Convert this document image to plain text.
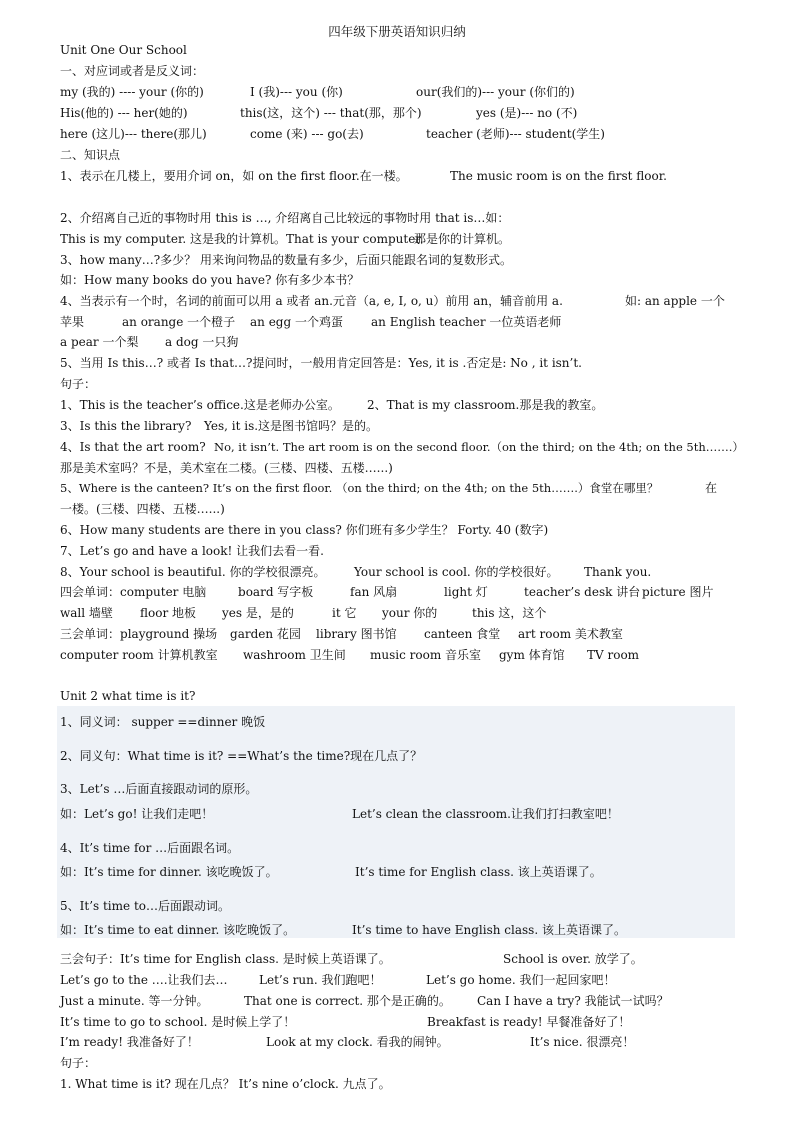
四年级下册英语知识归纳
Unit One Our School
一、对应词或者是反义词：
my (我的) ---- your (你的)	I (我)--- you (你)	our(我们的)--- your (你们的)
His(他的) --- her(她的)	this(这，这个) --- that(那，那个)	yes (是)--- no (不)
here (这儿)--- there(那儿)	come (来) --- go(去)	teacher (老师)--- student(学生)
二、知识点
1、表示在几楼上，要用介词 on，如 on the first floor.在一楼。	The music room is on the first floor.
2、介绍离自己近的事物时用 this is …, 介绍离自己比较远的事物时用 that is…如：
This is my computer. 这是我的计算机。That is your computer.那是你的计算机。
3、how many…?多少？ 用来询问物品的数量有多少，后面只能跟名词的复数形式。
如：How many books do you have? 你有多少本书？
4、当表示有一个时，名词的前面可以用 a 或者 an.元音（a, e, I, o, u）前用 an，辅音前用 a.	如: an apple 一个
苹果	an orange 一个橙子 an egg 一个鸡蛋 an English teacher 一位英语老师
a pear 一个梨 a dog 一只狗
5、当用 Is this…? 或者 Is that…?提问时，一般用肯定回答是：Yes, it is .否定是: No , it isn’t.
句子：
1、This is the teacher’s office.这是老师办公室。 2、That is my classroom.那是我的教室。
3、Is this the library? Yes, it is.这是图书馆吗？是的。
4、Is that the art room? No, it isn’t. The art room is on the second floor.（on the third; on the 4th; on the 5th…….）
那是美术室吗？不是，美术室在二楼。(三楼、四楼、五楼…...)
5、Where is the canteen? It’s on the first floor. （on the third; on the 4th; on the 5th…….）食堂在哪里？	在
一楼。(三楼、四楼、五楼…...)
6、How many students are there in you class? 你们班有多少学生？ Forty. 40 (数字)
7、Let’s go and have a look! 让我们去看一看.
8、Your school is beautiful. 你的学校很漂亮。 Your school is cool. 你的学校很好。 Thank you.
四会单词：computer 电脑	board 写字板	fan 风扇	light 灯	teacher’s desk 讲台 picture 图片
wall 墙壁 floor 地板 yes 是，是的	it 它 your 你的	this 这，这个
三会单词：playground 操场 garden 花园 library 图书馆 canteen 食堂 art room 美术教室
computer room 计算机教室 washroom 卫生间 music room 音乐室 gym 体育馆 TV room
Unit 2 what time is it?
1、同义词： supper ==dinner 晚饭
2、同义句：What time is it? ==What’s the time?现在几点了？
3、Let’s …后面直接跟动词的原形。
如：Let’s go! 让我们走吧！	Let’s clean the classroom.让我们打扫教室吧！
4、It’s time for …后面跟名词。
如：It’s time for dinner. 该吃晚饭了。	It’s time for English class. 该上英语课了。
5、It’s time to…后面跟动词。
如：It’s time to eat dinner. 该吃晚饭了。	It’s time to have English class. 该上英语课了。
三会句子：It’s time for English class. 是时候上英语课了。	School is over. 放学了。
Let’s go to the ….让我们去…	Let’s run. 我们跑吧！	Let’s go home. 我们一起回家吧！
Just a minute. 等一分钟。	That one is correct. 那个是正确的。 Can I have a try? 我能试一试吗？
It’s time to go to school. 是时候上学了！	Breakfast is ready! 早餐准备好了！
I’m ready! 我准备好了！	Look at my clock. 看我的闹钟。	It’s nice. 很漂亮！
句子：
1. What time is it? 现在几点？ It’s nine o’clock. 九点了。
